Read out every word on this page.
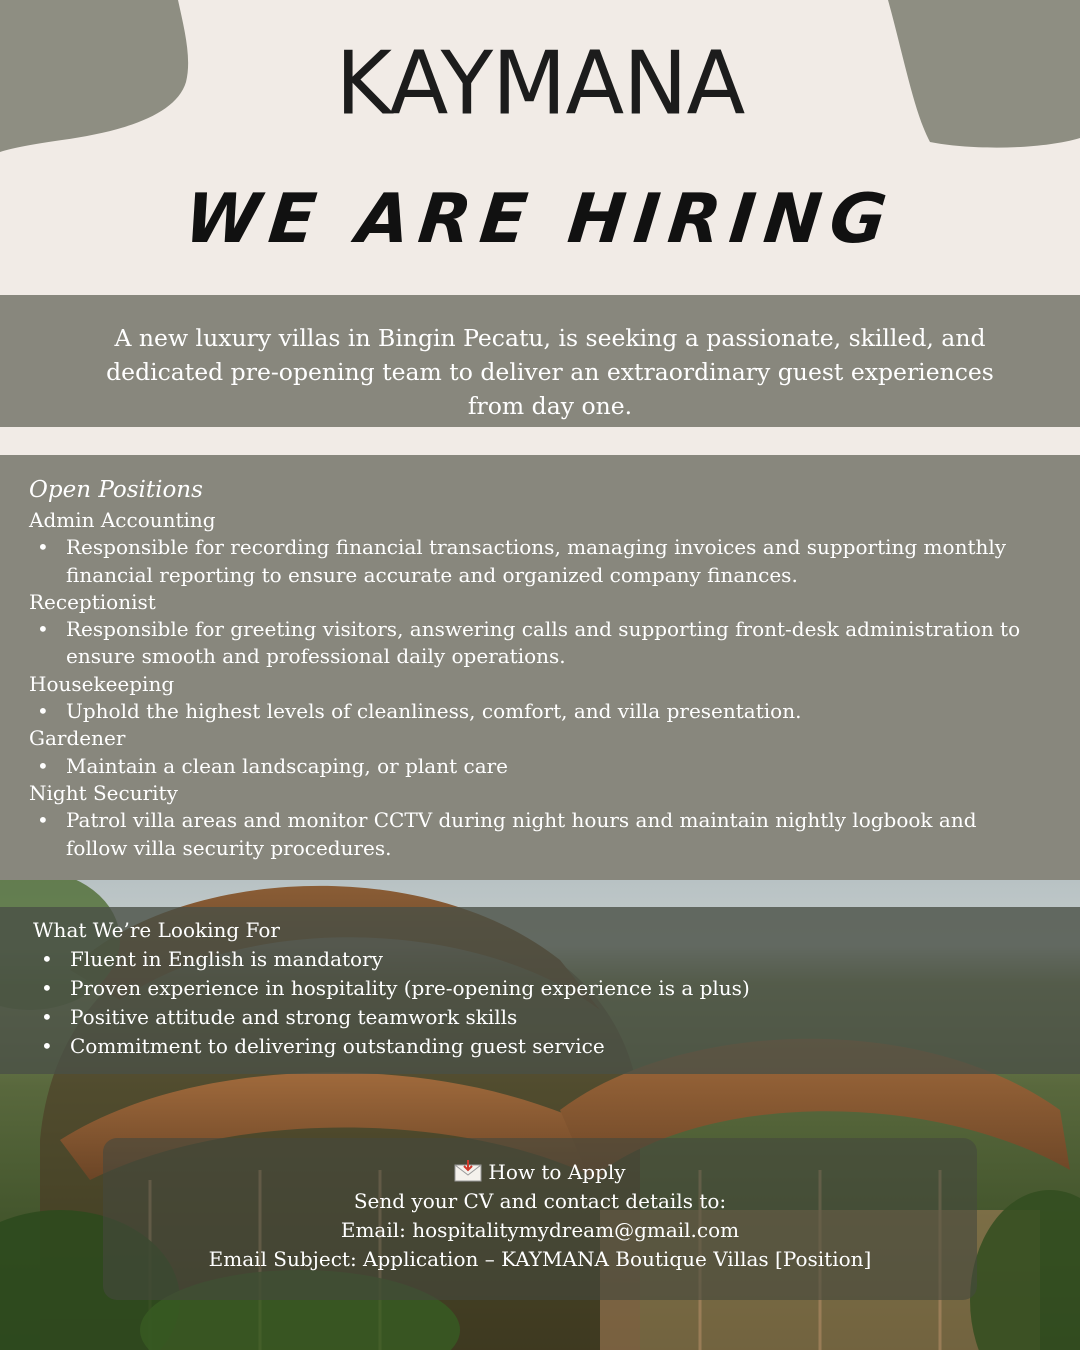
KAYMANA
WE ARE HIRING
A new luxury villas in Bingin Pecatu, is seeking a passionate, skilled, and dedicated pre-opening team to deliver an extraordinary guest experiences from day one.
Open Positions

Admin Accounting

• Responsible for recording financial transactions, managing invoices and supporting monthly financial reporting to ensure accurate and organized company finances.

Receptionist

• Responsible for greeting visitors, answering calls and supporting front-desk administration to ensure smooth and professional daily operations.

Housekeeping

• Uphold the highest levels of cleanliness, comfort, and villa presentation.

Gardener

• Maintain a clean landscaping, or plant care

Night Security

• Patrol villa areas and monitor CCTV during night hours and maintain nightly logbook and follow villa security procedures.

What We’re Looking For

• Fluent in English is mandatory

• Proven experience in hospitality (pre-opening experience is a plus)

• Positive attitude and strong teamwork skills

• Commitment to delivering outstanding guest service

How to Apply
Send your CV and contact details to:
Email: hospitalitymydream@gmail.com
Email Subject: Application – KAYMANA Boutique Villas [Position]
